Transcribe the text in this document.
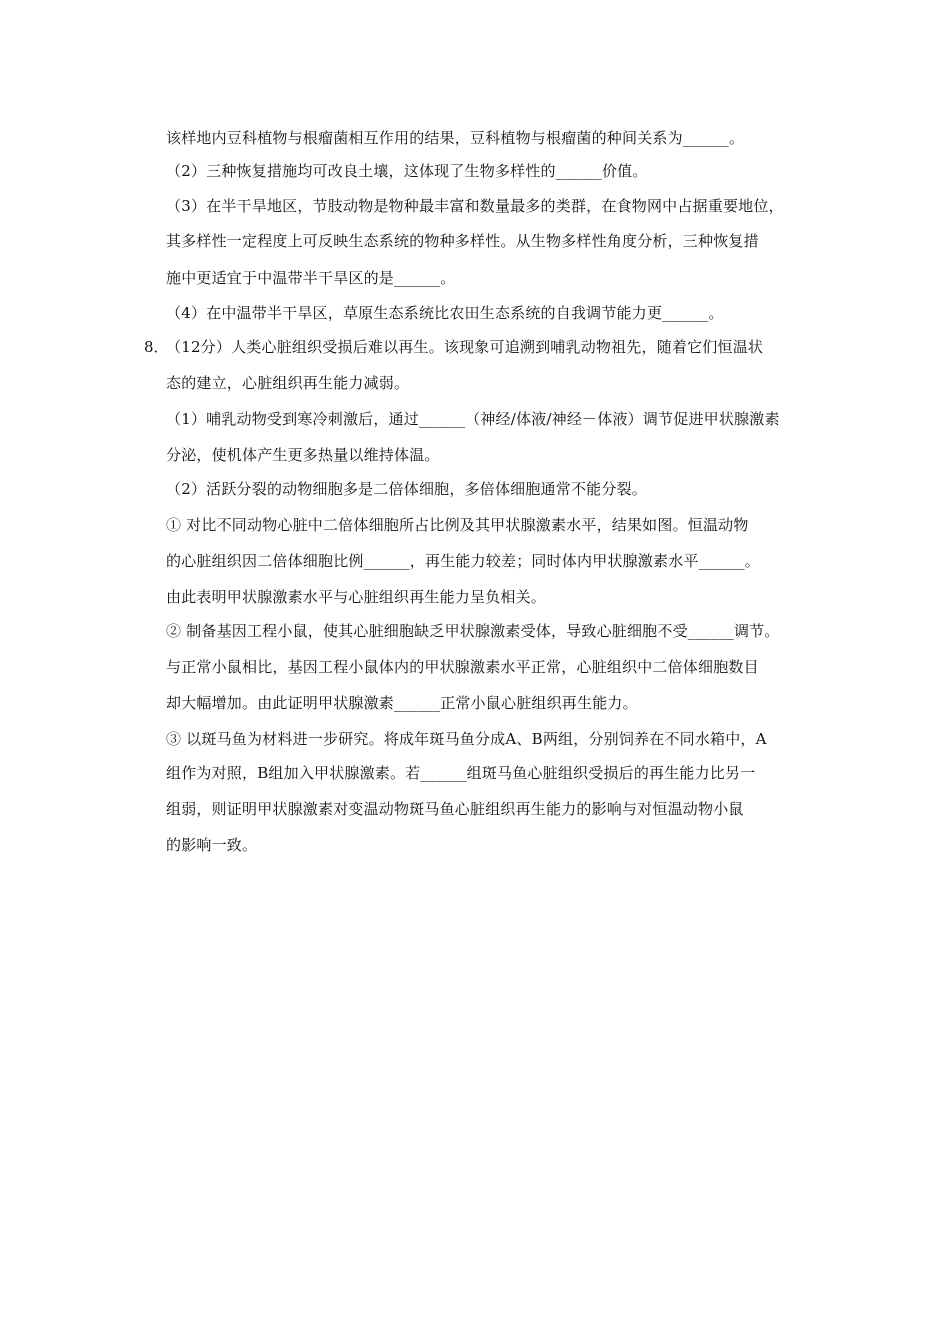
该样地内豆科植物与根瘤菌相互作用的结果，豆科植物与根瘤菌的种间关系为______。
（2）三种恢复措施均可改良土壤，这体现了生物多样性的______价值。
（3）在半干旱地区，节肢动物是物种最丰富和数量最多的类群，在食物网中占据重要地位，
其多样性一定程度上可反映生态系统的物种多样性。从生物多样性角度分析，三种恢复措
施中更适宜于中温带半干旱区的是______。
（4）在中温带半干旱区，草原生态系统比农田生态系统的自我调节能力更______。
8．
（12分）人类心脏组织受损后难以再生。该现象可追溯到哺乳动物祖先，随着它们恒温状
态的建立，心脏组织再生能力减弱。
（1）哺乳动物受到寒冷刺激后，通过______（神经/体液/神经－体液）调节促进甲状腺激素
分泌，使机体产生更多热量以维持体温。
（2）活跃分裂的动物细胞多是二倍体细胞，多倍体细胞通常不能分裂。
① 对比不同动物心脏中二倍体细胞所占比例及其甲状腺激素水平，结果如图。恒温动物
的心脏组织因二倍体细胞比例______，再生能力较差；同时体内甲状腺激素水平______。
由此表明甲状腺激素水平与心脏组织再生能力呈负相关。
② 制备基因工程小鼠，使其心脏细胞缺乏甲状腺激素受体，导致心脏细胞不受______调节。
与正常小鼠相比，基因工程小鼠体内的甲状腺激素水平正常，心脏组织中二倍体细胞数目
却大幅增加。由此证明甲状腺激素______正常小鼠心脏组织再生能力。
③ 以斑马鱼为材料进一步研究。将成年斑马鱼分成A、B两组，分别饲养在不同水箱中，A
组作为对照，B组加入甲状腺激素。若______组斑马鱼心脏组织受损后的再生能力比另一
组弱，则证明甲状腺激素对变温动物斑马鱼心脏组织再生能力的影响与对恒温动物小鼠
的影响一致。
